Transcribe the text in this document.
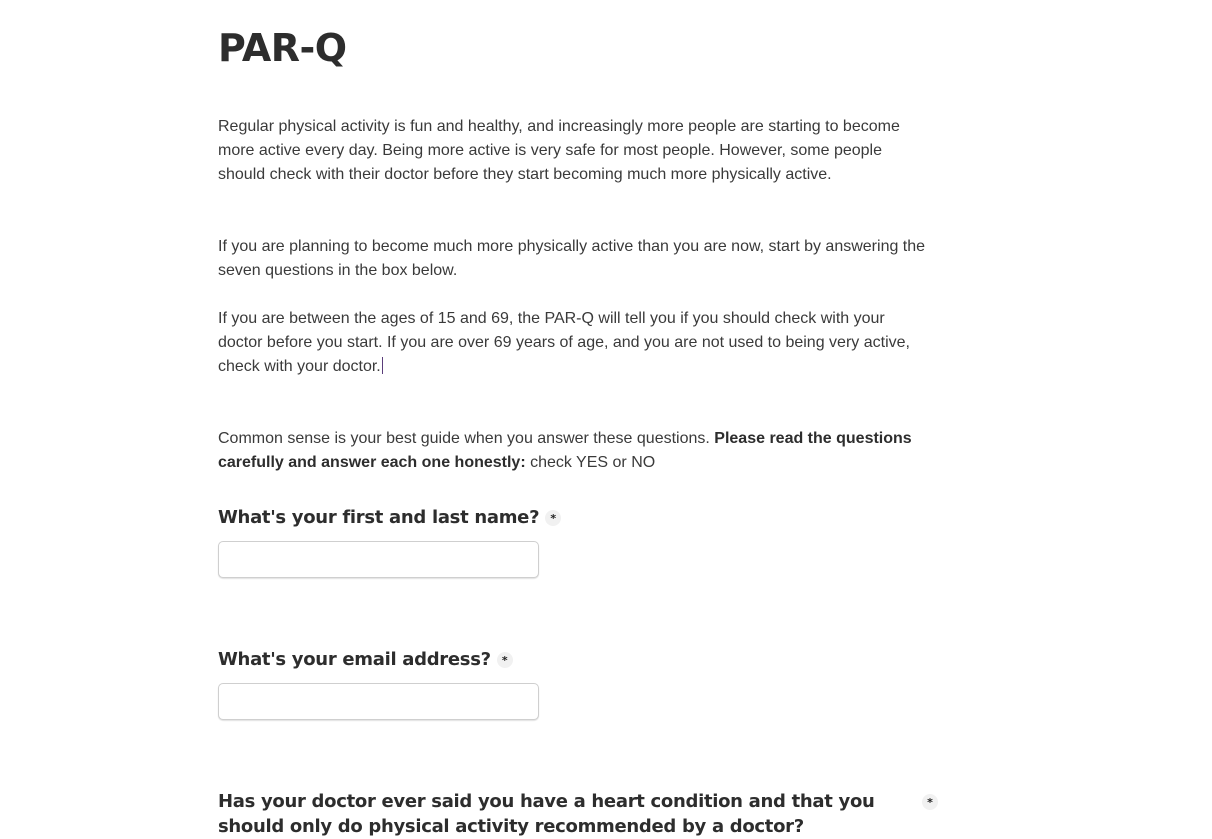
PAR-Q

Regular physical activity is fun and healthy, and increasingly more people are starting to become more active every day. Being more active is very safe for most people. However, some people should check with their doctor before they start becoming much more physically active.

If you are planning to become much more physically active than you are now, start by answering the seven questions in the box below.

If you are between the ages of 15 and 69, the PAR-Q will tell you if you should check with your doctor before you start. If you are over 69 years of age, and you are not used to being very active, check with your doctor.

Common sense is your best guide when you answer these questions. Please read the questions carefully and answer each one honestly: check YES or NO

What's your first and last name? *
What's your email address? *
Has your doctor ever said you have a heart condition and that you should only do physical activity recommended by a doctor?
*
